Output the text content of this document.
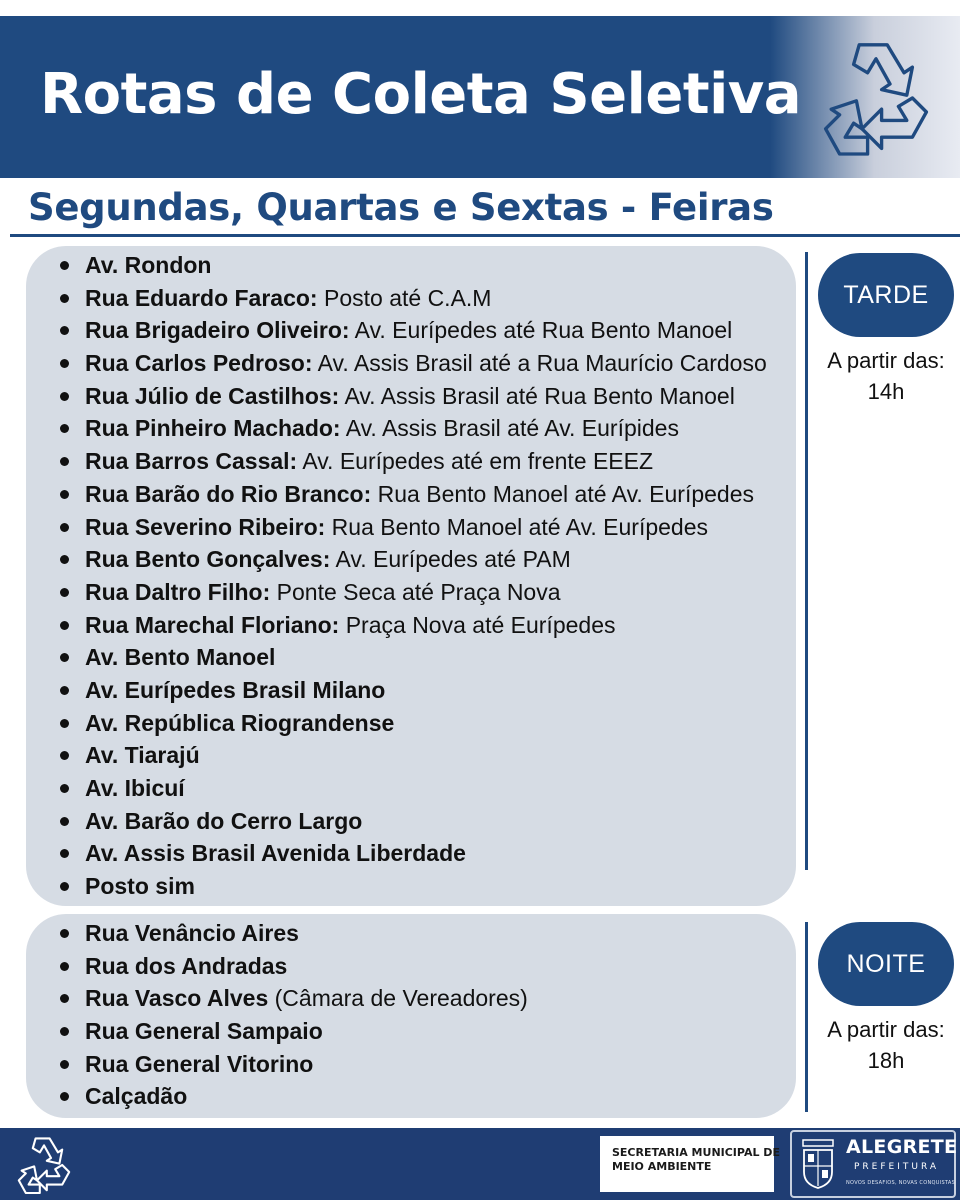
Rotas de Coleta Seletiva
Segundas, Quartas e Sextas - Feiras
Av. Rondon
Rua Eduardo Faraco: Posto até C.A.M
Rua Brigadeiro Oliveiro: Av. Eurípedes até Rua Bento Manoel
Rua Carlos Pedroso: Av. Assis Brasil até a Rua Maurício Cardoso
Rua Júlio de Castilhos: Av. Assis Brasil até Rua Bento Manoel
Rua Pinheiro Machado: Av. Assis Brasil até Av. Eurípides
Rua Barros Cassal: Av. Eurípedes até em frente EEEZ
Rua Barão do Rio Branco: Rua Bento Manoel até Av. Eurípedes
Rua Severino Ribeiro: Rua Bento Manoel até Av. Eurípedes
Rua Bento Gonçalves: Av. Eurípedes até PAM
Rua Daltro Filho: Ponte Seca até Praça Nova
Rua Marechal Floriano: Praça Nova até Eurípedes
Av. Bento Manoel
Av. Eurípedes Brasil Milano
Av. República Riograndense
Av. Tiarajú
Av. Ibicuí
Av. Barão do Cerro Largo
Av. Assis Brasil Avenida Liberdade
Posto sim
TARDE
A partir das:
14h
Rua Venâncio Aires
Rua dos Andradas
Rua Vasco Alves (Câmara de Vereadores)
Rua General Sampaio
Rua General Vitorino
Calçadão
NOITE
A partir das:
18h
SECRETARIA MUNICIPAL DE
MEIO AMBIENTE
ALEGRETE
PREFEITURA
NOVOS DESAFIOS, NOVAS CONQUISTAS
